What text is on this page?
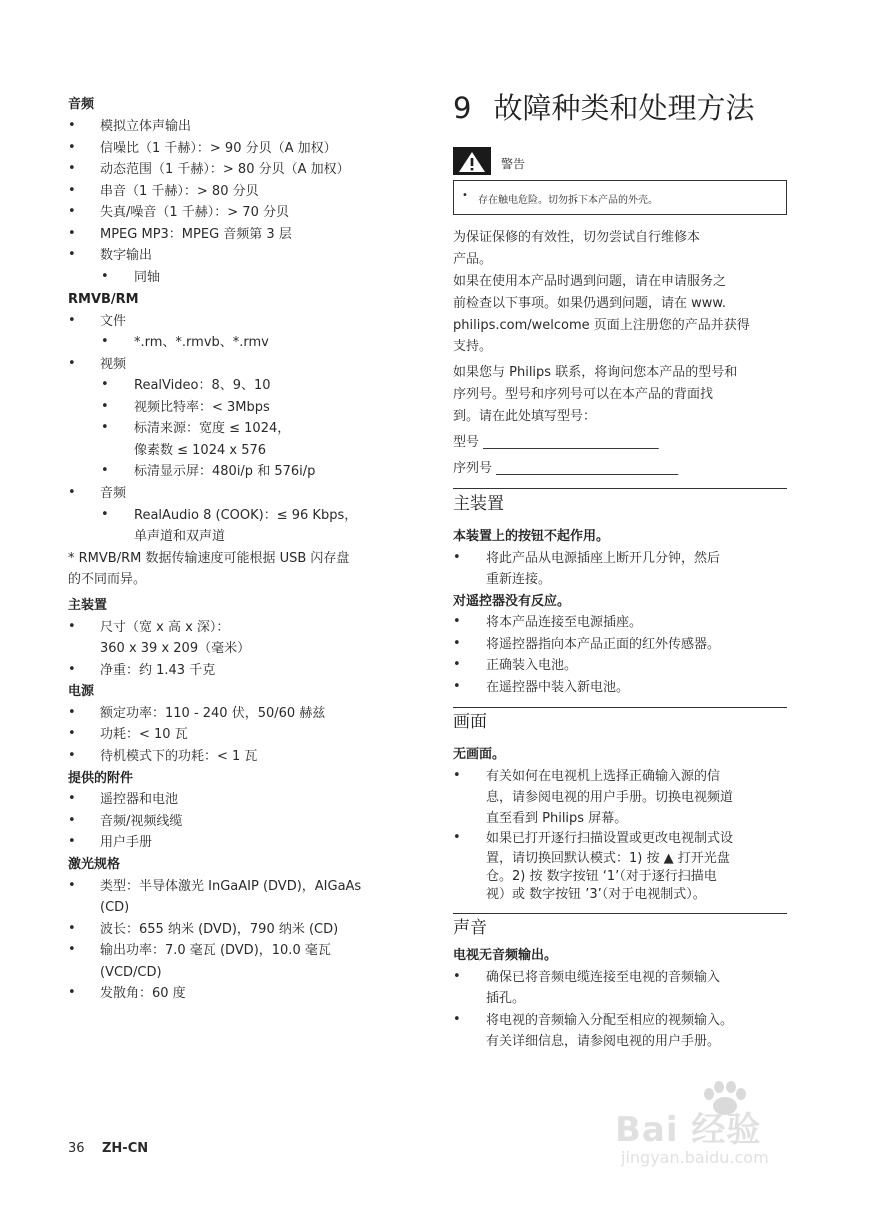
音频
• 模拟立体声输出
• 信噪比（1 千赫）：> 90 分贝（A 加权）
• 动态范围（1 千赫）：> 80 分贝（A 加权）
• 串音（1 千赫）：> 80 分贝
• 失真/噪音（1 千赫）：> 70 分贝
• MPEG MP3：MPEG 音频第 3 层
• 数字输出
• 同轴
RMVB/RM
• 文件
• *.rm、*.rmvb、*.rmv
• 视频
• RealVideo：8、9、10
• 视频比特率：< 3Mbps
• 标清来源：宽度 ≤ 1024，
像素数 ≤ 1024 x 576
• 标清显示屏：480i/p 和 576i/p
• 音频
• RealAudio 8 (COOK)：≤ 96 Kbps，
单声道和双声道
* RMVB/RM 数据传输速度可能根据 USB 闪存盘
的不同而异。
主装置
• 尺寸（宽 x 高 x 深）：
360 x 39 x 209（毫米）
• 净重：约 1.43 千克
电源
• 额定功率：110 - 240 伏，50/60 赫兹
• 功耗：< 10 瓦
• 待机模式下的功耗：< 1 瓦
提供的附件
• 遥控器和电池
• 音频/视频线缆
• 用户手册
激光规格
• 类型：半导体激光 InGaAIP (DVD)，AIGaAs
(CD)
• 波长：655 纳米 (DVD)，790 纳米 (CD)
• 输出功率：7.0 毫瓦 (DVD)，10.0 毫瓦
(VCD/CD)
• 发散角：60 度
9 故障种类和处理方法
警告
• 存在触电危险。切勿拆下本产品的外壳。
为保证保修的有效性，切勿尝试自行维修本
产品。
如果在使用本产品时遇到问题，请在申请服务之
前检查以下事项。如果仍遇到问题，请在 www.
philips.com/welcome 页面上注册您的产品并获得
支持。
如果您与 Philips 联系，将询问您本产品的型号和
序列号。型号和序列号可以在本产品的背面找
到。请在此处填写型号：
型号 ___________________________
序列号 ____________________________
主装置
本装置上的按钮不起作用。
• 将此产品从电源插座上断开几分钟，然后
重新连接。
对遥控器没有反应。
• 将本产品连接至电源插座。
• 将遥控器指向本产品正面的红外传感器。
• 正确装入电池。
• 在遥控器中装入新电池。
画面
无画面。
• 有关如何在电视机上选择正确输入源的信
息，请参阅电视的用户手册。切换电视频道
直至看到 Philips 屏幕。
• 如果已打开逐行扫描设置或更改电视制式设
置，请切换回默认模式：1) 按 ▲ 打开光盘
仓。2) 按 数字按钮 ‘1’（对于逐行扫描电
视）或 数字按钮 ’3’（对于电视制式）。
声音
电视无音频输出。
• 确保已将音频电缆连接至电视的音频输入
插孔。
• 将电视的音频输入分配至相应的视频输入。
有关详细信息，请参阅电视的用户手册。
36 ZH-CN	Bai 经验
jingyan.baidu.com
